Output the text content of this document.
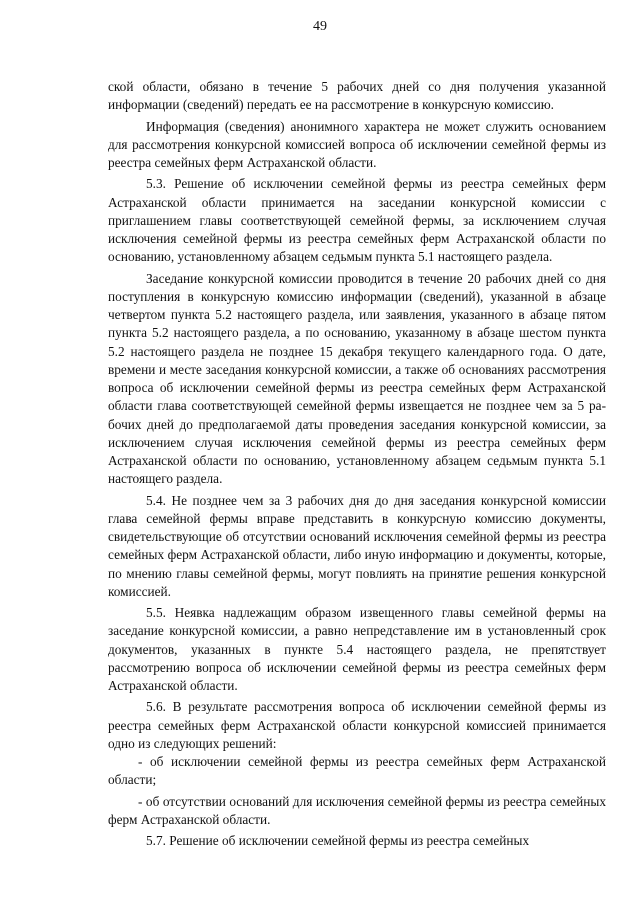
49

ской области, обязано в течение 5 рабочих дней со дня получения указанной информации (сведений) передать ее на рассмотрение в конкурсную комиссию.

Информация (сведения) анонимного характера не может служить основанием для рассмотрения конкурсной комиссией вопроса об исключении семейной фермы из реестра семейных ферм Астраханской области.

5.3. Решение об исключении семейной фермы из реестра семейных ферм Астраханской области принимается на заседании конкурсной комиссии с приглашением главы соответствующей семейной фермы, за исключением случая исключения семейной фермы из реестра семейных ферм Астраханской области по основанию, установленному абзацем седьмым пункта 5.1 настоящего раздела.

Заседание конкурсной комиссии проводится в течение 20 рабочих дней со дня поступления в конкурсную комиссию информации (сведений), указанной в абзаце четвертом пункта 5.2 настоящего раздела, или заявления, указанного в абзаце пятом пункта 5.2 настоящего раздела, а по основанию, указанному в абзаце шестом пункта 5.2 настоящего раздела не позднее 15 декабря текущего календарного года. О дате, времени и месте заседания конкурсной комиссии, а также об основаниях рассмотрения вопроса об исключении семейной фермы из реестра семейных ферм Астраханской области глава соответствующей семейной фермы извещается не позднее чем за 5 рабочих дней до предполагаемой даты проведения заседания конкурсной комиссии, за исключением случая исключения семейной фермы из реестра семейных ферм Астраханской области по основанию, установленному абзацем седьмым пункта 5.1 настоящего раздела.

5.4. Не позднее чем за 3 рабочих дня до дня заседания конкурсной комиссии глава семейной фермы вправе представить в конкурсную комиссию документы, свидетельствующие об отсутствии оснований исключения семейной фермы из реестра семейных ферм Астраханской области, либо иную информацию и документы, которые, по мнению главы семейной фермы, могут повлиять на принятие решения конкурсной комиссией.

5.5. Неявка надлежащим образом извещенного главы семейной фермы на заседание конкурсной комиссии, а равно непредставление им в установленный срок документов, указанных в пункте 5.4 настоящего раздела, не препятствует рассмотрению вопроса об исключении семейной фермы из реестра семейных ферм Астраханской области.

5.6. В результате рассмотрения вопроса об исключении семейной фермы из реестра семейных ферм Астраханской области конкурсной комиссией принимается одно из следующих решений:

- об исключении семейной фермы из реестра семейных ферм Астраханской области;

- об отсутствии оснований для исключения семейной фермы из реестра семейных ферм Астраханской области.

5.7. Решение об исключении семейной фермы из реестра семейных
